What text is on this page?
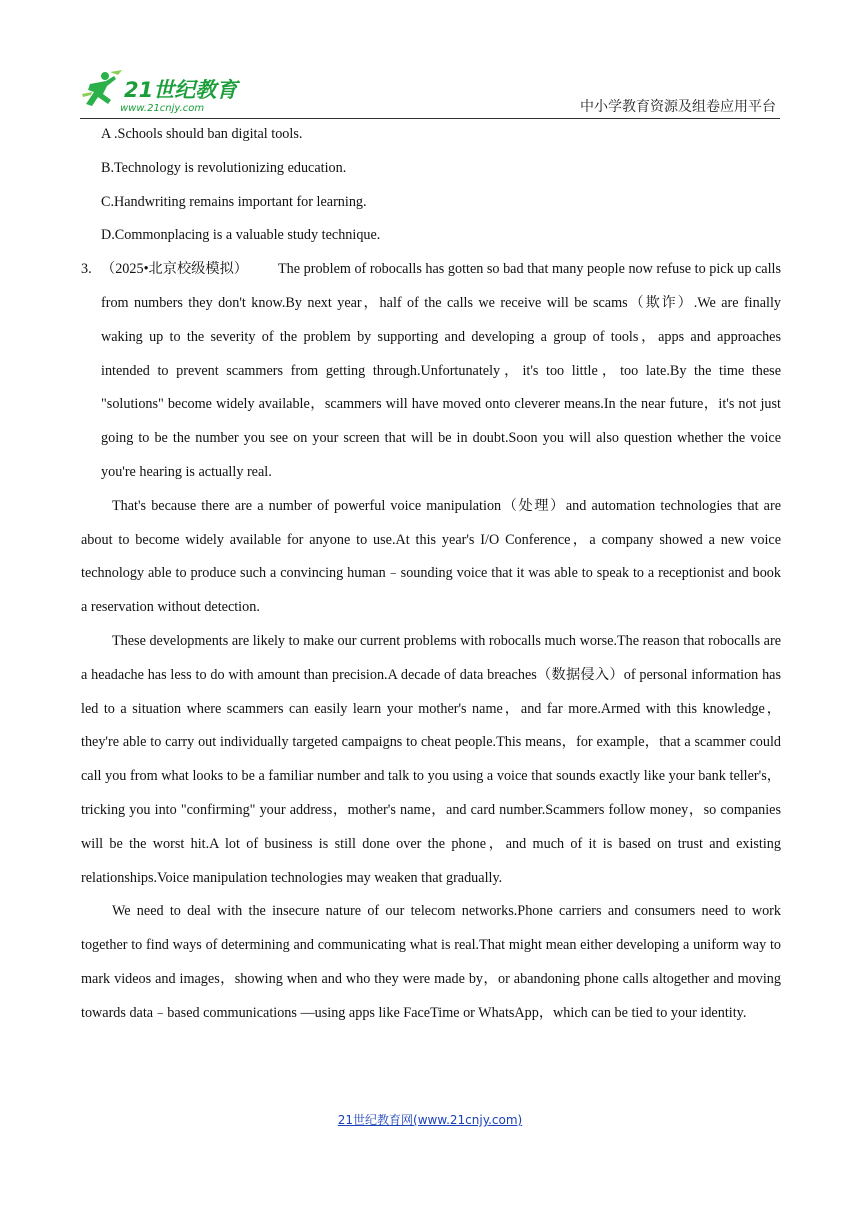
21世纪教育
www.21cnjy.com	中小学教育资源及组卷应用平台
A .Schools should ban digital tools.
B.Technology is revolutionizing education.
C.Handwriting remains important for learning.
D.Commonplacing is a valuable study technique.
3. （2025•北京校级模拟） The problem of robocalls has gotten so bad that many people now refuse to pick up calls from numbers they don't know.By next year，half of the calls we receive will be scams（欺诈）.We are finally waking up to the severity of the problem by supporting and developing a group of tools，apps and approaches intended to prevent scammers from getting through.Unfortunately，it's too little，too late.By the time these "solutions" become widely available，scammers will have moved onto cleverer means.In the near future，it's not just going to be the number you see on your screen that will be in doubt.Soon you will also question whether the voice you're hearing is actually real.

That's because there are a number of powerful voice manipulation（处理）and automation technologies that are about to become widely available for anyone to use.At this year's I/O Conference，a company showed a new voice technology able to produce such a convincing human﹣sounding voice that it was able to speak to a receptionist and book a reservation without detection.

These developments are likely to make our current problems with robocalls much worse.The reason that robocalls are a headache has less to do with amount than precision.A decade of data breaches（数据侵入）of personal information has led to a situation where scammers can easily learn your mother's name，and far more.Armed with this knowledge，they're able to carry out individually targeted campaigns to cheat people.This means，for example，that a scammer could call you from what looks to be a familiar number and talk to you using a voice that sounds exactly like your bank teller's，tricking you into "confirming" your address，mother's name，and card number.Scammers follow money，so companies will be the worst hit.A lot of business is still done over the phone，and much of it is based on trust and existing relationships.Voice manipulation technologies may weaken that gradually.

We need to deal with the insecure nature of our telecom networks.Phone carriers and consumers need to work together to find ways of determining and communicating what is real.That might mean either developing a uniform way to mark videos and images，showing when and who they were made by，or abandoning phone calls altogether and moving towards data﹣based communications —using apps like FaceTime or WhatsApp，which can be tied to your identity.

21世纪教育网(www.21cnjy.com)
